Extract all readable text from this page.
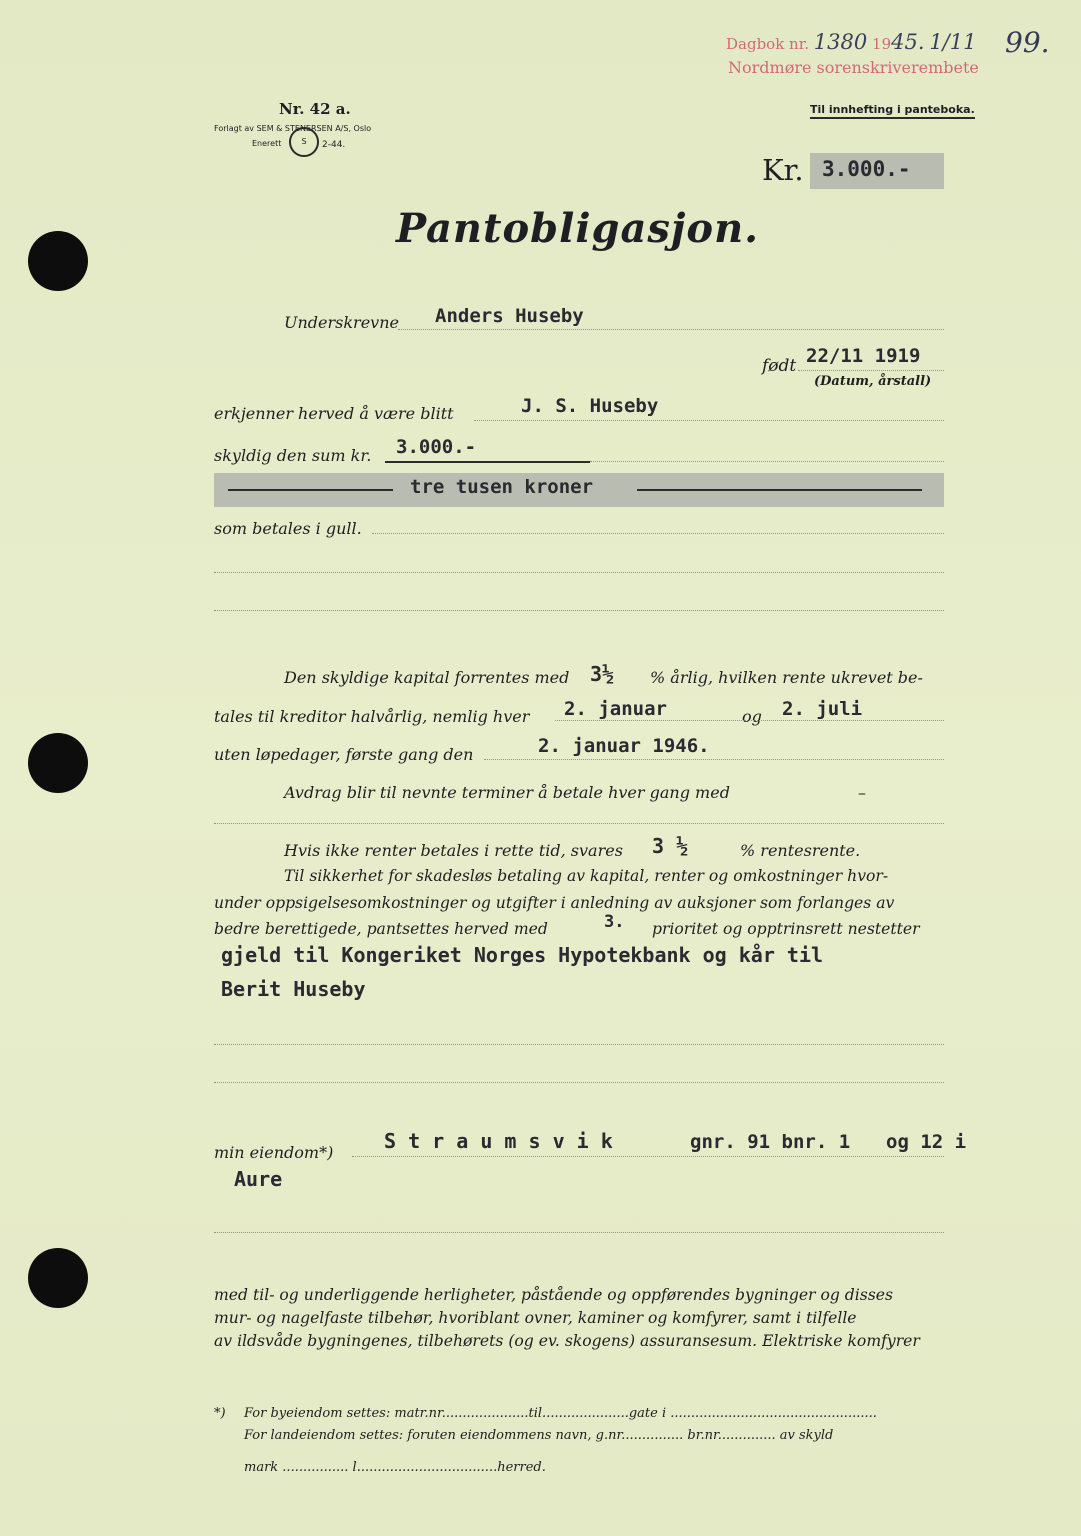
Dagbok nr. 1380 1945. 1/11 99.
Nordmøre sorenskriverembete
Nr. 42 a.
Forlagt av SEM & STENERSEN A/S, Oslo
Enerett	S	2-44.
Til innhefting i panteboka.
Kr. 3.000.-
Pantobligasjon.
Underskrevne Anders Huseby
født 22/11 1919
(Datum, årstall)
erkjenner herved å være blitt	J. S. Huseby
skyldig den sum kr. 3.000.-
tre tusen kroner
som betales i gull.
Den skyldige kapital forrentes med 3½ % årlig, hvilken rente ukrevet be-
tales til kreditor halvårlig, nemlig hver 2. januar	og 2. juli
uten løpedager, første gang den	2. januar 1946.
Avdrag blir til nevnte terminer å betale hver gang med	–
Hvis ikke renter betales i rette tid, svares 3 ½	% rentesrente.
Til sikkerhet for skadesløs betaling av kapital, renter og omkostninger hvor-
under oppsigelsesomkostninger og utgifter i anledning av auksjoner som forlanges av
bedre berettigede, pantsettes herved med	3. prioritet og opptrinsrett nestetter
gjeld til Kongeriket Norges Hypotekbank og kår til
Berit Huseby
min eiendom*)	S t r a u m s v i k	gnr. 91 bnr. 1 og 12 i
Aure
med til- og underliggende herligheter, påstående og oppførendes bygninger og disses
mur- og nagelfaste tilbehør, hvoriblant ovner, kaminer og komfyrer, samt i tilfelle
av ildsvåde bygningenes, tilbehørets (og ev. skogens) assuransesum. Elektriske komfyrer
*) For byeiendom settes: matr.nr.....................til.....................gate i ..................................................
For landeiendom settes: foruten eiendommens navn, g.nr............... br.nr.............. av skyld
mark ................ l..................................herred.
